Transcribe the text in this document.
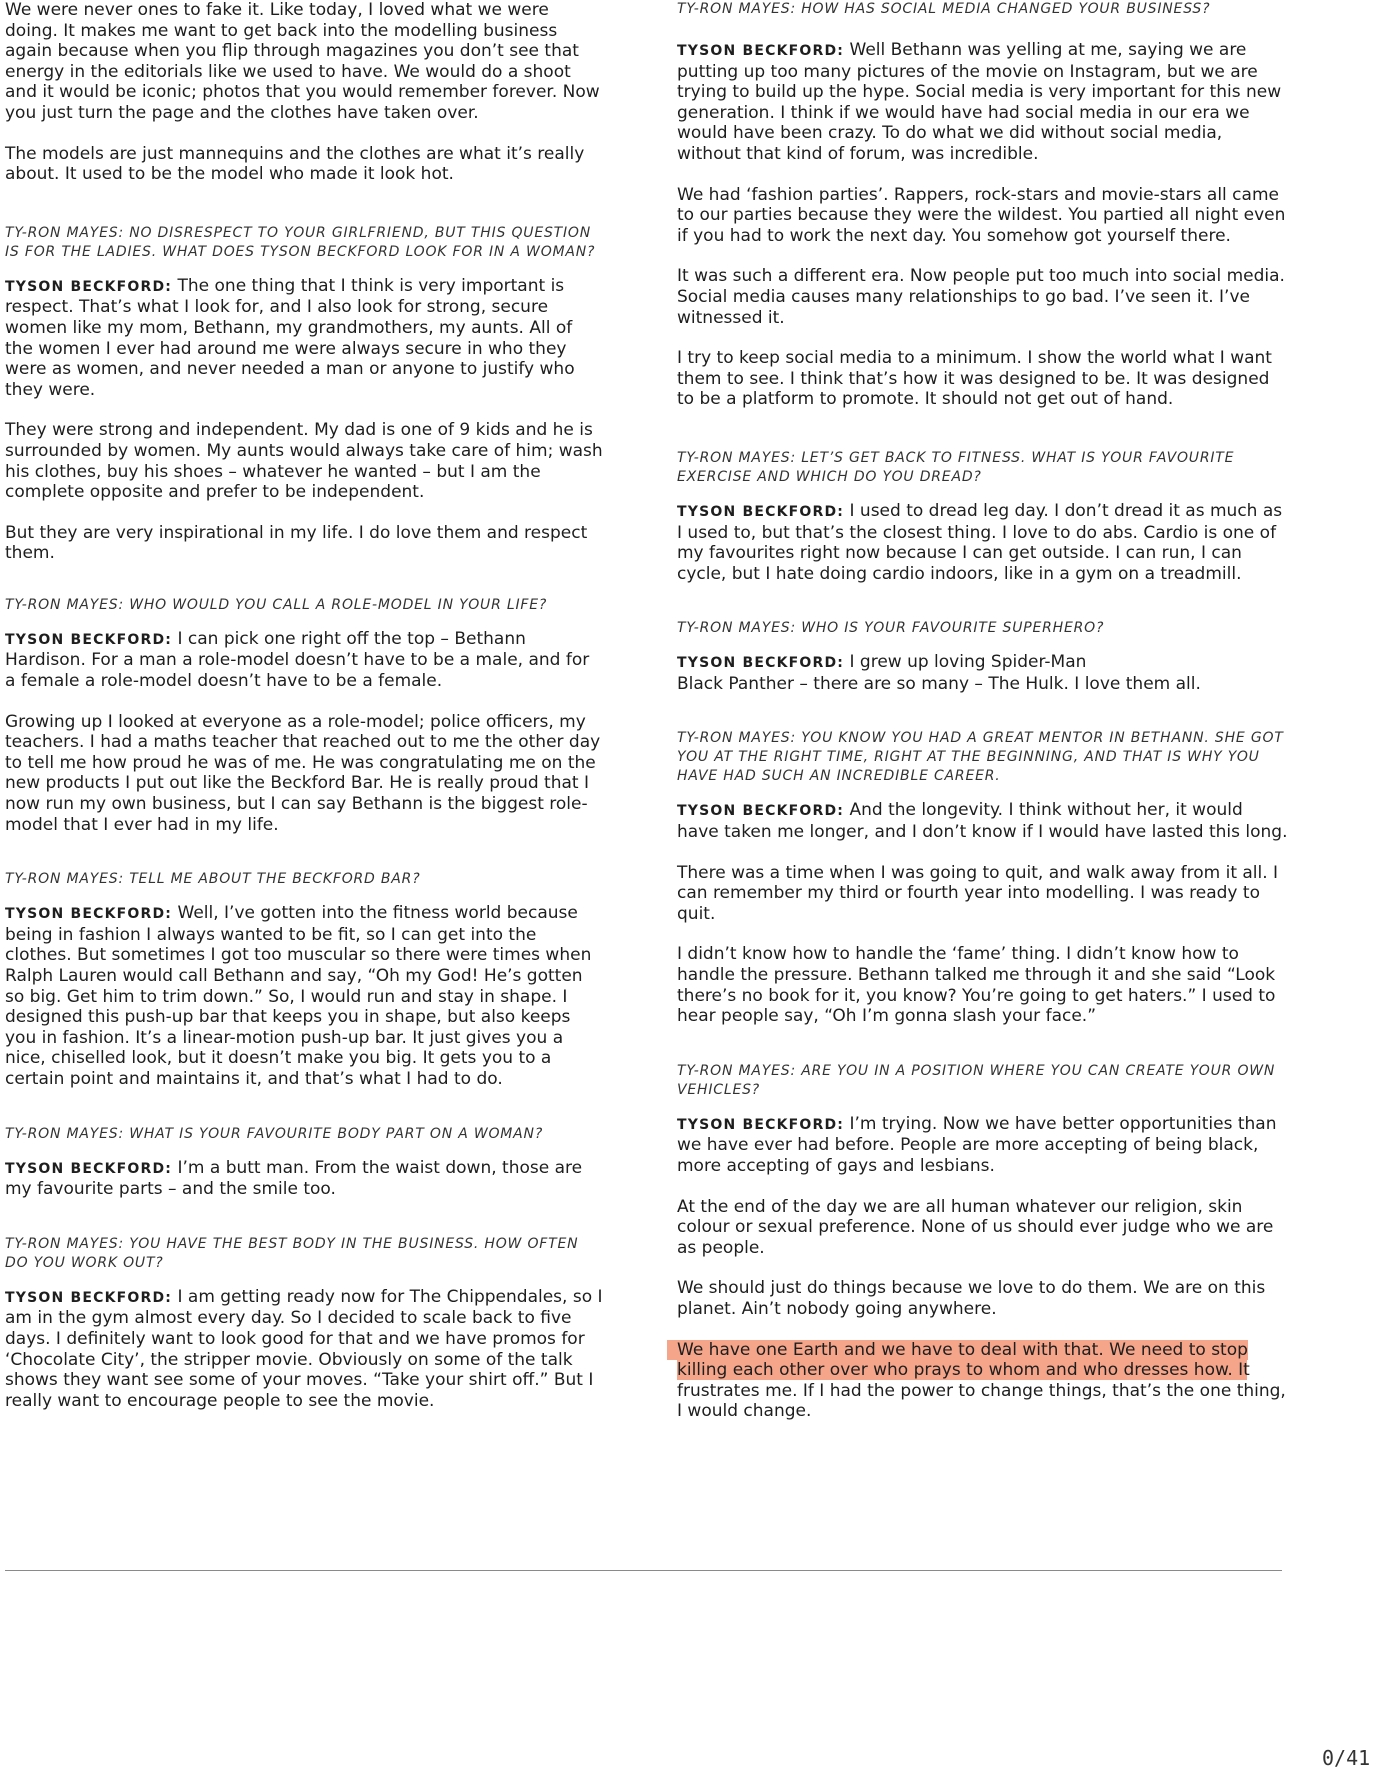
We were never ones to fake it. Like today, I loved what we were doing. It makes me want to get back into the modelling business again because when you flip through magazines you don’t see that energy in the editorials like we used to have. We would do a shoot and it would be iconic; photos that you would remember forever. Now you just turn the page and the clothes have taken over.

The models are just mannequins and the clothes are what it’s really about. It used to be the model who made it look hot.

TY-RON MAYES: NO DISRESPECT TO YOUR GIRLFRIEND, BUT THIS QUESTION IS FOR THE LADIES. WHAT DOES TYSON BECKFORD LOOK FOR IN A WOMAN?

TYSON BECKFORD: The one thing that I think is very important is respect. That’s what I look for, and I also look for strong, secure women like my mom, Bethann, my grandmothers, my aunts. All of the women I ever had around me were always secure in who they were as women, and never needed a man or anyone to justify who they were.

They were strong and independent. My dad is one of 9 kids and he is surrounded by women. My aunts would always take care of him; wash his clothes, buy his shoes – whatever he wanted – but I am the complete opposite and prefer to be independent.

But they are very inspirational in my life. I do love them and respect them.

TY-RON MAYES: WHO WOULD YOU CALL A ROLE-MODEL IN YOUR LIFE?

TYSON BECKFORD: I can pick one right off the top – Bethann Hardison. For a man a role-model doesn’t have to be a male, and for a female a role-model doesn’t have to be a female.

Growing up I looked at everyone as a role-model; police officers, my teachers. I had a maths teacher that reached out to me the other day to tell me how proud he was of me. He was congratulating me on the new products I put out like the Beckford Bar. He is really proud that I now run my own business, but I can say Bethann is the biggest role-model that I ever had in my life.

TY-RON MAYES: TELL ME ABOUT THE BECKFORD BAR?

TYSON BECKFORD: Well, I’ve gotten into the fitness world because being in fashion I always wanted to be fit, so I can get into the clothes. But sometimes I got too muscular so there were times when Ralph Lauren would call Bethann and say, “Oh my God! He’s gotten so big. Get him to trim down.” So, I would run and stay in shape. I designed this push-up bar that keeps you in shape, but also keeps you in fashion. It’s a linear-motion push-up bar. It just gives you a nice, chiselled look, but it doesn’t make you big. It gets you to a certain point and maintains it, and that’s what I had to do.

TY-RON MAYES: WHAT IS YOUR FAVOURITE BODY PART ON A WOMAN?

TYSON BECKFORD: I’m a butt man. From the waist down, those are my favourite parts – and the smile too.

TY-RON MAYES: YOU HAVE THE BEST BODY IN THE BUSINESS. HOW OFTEN DO YOU WORK OUT?

TYSON BECKFORD: I am getting ready now for The Chippendales, so I am in the gym almost every day. So I decided to scale back to five days. I definitely want to look good for that and we have promos for ‘Chocolate City’, the stripper movie. Obviously on some of the talk shows they want see some of your moves. “Take your shirt off.” But I really want to encourage people to see the movie.

TY-RON MAYES: HOW HAS SOCIAL MEDIA CHANGED YOUR BUSINESS?

TYSON BECKFORD: Well Bethann was yelling at me, saying we are putting up too many pictures of the movie on Instagram, but we are trying to build up the hype. Social media is very important for this new generation. I think if we would have had social media in our era we would have been crazy. To do what we did without social media, without that kind of forum, was incredible.

We had ‘fashion parties’. Rappers, rock-stars and movie-stars all came to our parties because they were the wildest. You partied all night even if you had to work the next day. You somehow got yourself there.

It was such a different era. Now people put too much into social media. Social media causes many relationships to go bad. I’ve seen it. I’ve witnessed it.

I try to keep social media to a minimum. I show the world what I want them to see. I think that’s how it was designed to be. It was designed to be a platform to promote. It should not get out of hand.

TY-RON MAYES: LET’S GET BACK TO FITNESS. WHAT IS YOUR FAVOURITE EXERCISE AND WHICH DO YOU DREAD?

TYSON BECKFORD: I used to dread leg day. I don’t dread it as much as I used to, but that’s the closest thing. I love to do abs. Cardio is one of my favourites right now because I can get outside. I can run, I can cycle, but I hate doing cardio indoors, like in a gym on a treadmill.

TY-RON MAYES: WHO IS YOUR FAVOURITE SUPERHERO?

TYSON BECKFORD: I grew up loving Spider-Man

Black Panther – there are so many – The Hulk. I love them all.

TY-RON MAYES: YOU KNOW YOU HAD A GREAT MENTOR IN BETHANN. SHE GOT YOU AT THE RIGHT TIME, RIGHT AT THE BEGINNING, AND THAT IS WHY YOU HAVE HAD SUCH AN INCREDIBLE CAREER.

TYSON BECKFORD: And the longevity. I think without her, it would have taken me longer, and I don’t know if I would have lasted this long.

There was a time when I was going to quit, and walk away from it all. I can remember my third or fourth year into modelling. I was ready to quit.

I didn’t know how to handle the ‘fame’ thing. I didn’t know how to handle the pressure. Bethann talked me through it and she said “Look there’s no book for it, you know? You’re going to get haters.” I used to hear people say, “Oh I’m gonna slash your face.”

TY-RON MAYES: ARE YOU IN A POSITION WHERE YOU CAN CREATE YOUR OWN VEHICLES?

TYSON BECKFORD: I’m trying. Now we have better opportunities than we have ever had before. People are more accepting of being black, more accepting of gays and lesbians.

At the end of the day we are all human whatever our religion, skin colour or sexual preference. None of us should ever judge who we are as people.

We should just do things because we love to do them. We are on this planet. Ain’t nobody going anywhere.

We have one Earth and we have to deal with that. We need to stop killing each other over who prays to whom and who dresses how. It frustrates me. If I had the power to change things, that’s the one thing, I would change.

0/41
